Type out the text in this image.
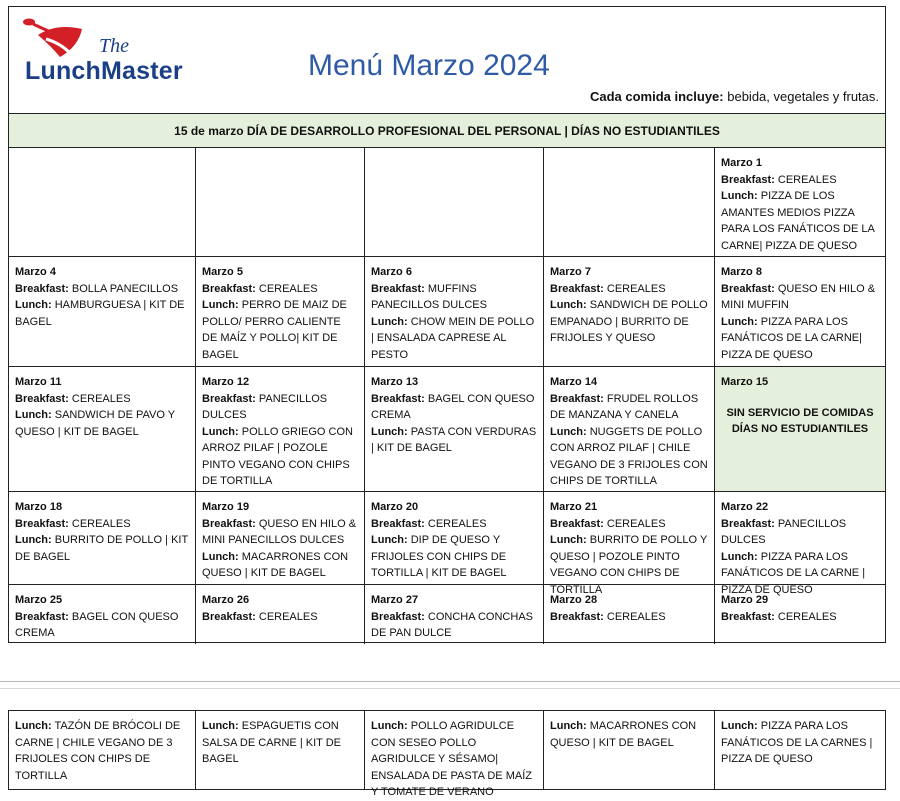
The
LunchMaster	Menú Marzo 2024
Cada comida incluye: bebida, vegetales y frutas.
15 de marzo DÍA DE DESARROLLO PROFESIONAL DEL PERSONAL | DÍAS NO ESTUDIANTILES
Marzo 1
Breakfast: CEREALES
Lunch: PIZZA DE LOS AMANTES MEDIOS PIZZA PARA LOS FANÁTICOS DE LA CARNE| PIZZA DE QUESO
Marzo 4
Breakfast: BOLLA PANECILLOS
Lunch: HAMBURGUESA | KIT DE BAGEL
Marzo 5
Breakfast: CEREALES
Lunch: PERRO DE MAIZ DE POLLO/ PERRO CALIENTE DE MAÍZ Y POLLO| KIT DE BAGEL
Marzo 6
Breakfast: MUFFINS PANECILLOS DULCES
Lunch: CHOW MEIN DE POLLO | ENSALADA CAPRESE AL PESTO
Marzo 7
Breakfast: CEREALES
Lunch: SANDWICH DE POLLO EMPANADO | BURRITO DE FRIJOLES Y QUESO
Marzo 8
Breakfast: QUESO EN HILO & MINI MUFFIN
Lunch: PIZZA PARA LOS FANÁTICOS DE LA CARNE| PIZZA DE QUESO
Marzo 11
Breakfast: CEREALES
Lunch: SANDWICH DE PAVO Y QUESO | KIT DE BAGEL
Marzo 12
Breakfast: PANECILLOS DULCES
Lunch: POLLO GRIEGO CON ARROZ PILAF | POZOLE PINTO VEGANO CON CHIPS DE TORTILLA
Marzo 13
Breakfast: BAGEL CON QUESO CREMA
Lunch: PASTA CON VERDURAS | KIT DE BAGEL
Marzo 14
Breakfast: FRUDEL ROLLOS DE MANZANA Y CANELA
Lunch: NUGGETS DE POLLO CON ARROZ PILAF | CHILE VEGANO DE 3 FRIJOLES CON CHIPS DE TORTILLA
Marzo 15
SIN SERVICIO DE COMIDAS DÍAS NO ESTUDIANTILES
Marzo 18
Breakfast: CEREALES
Lunch: BURRITO DE POLLO | KIT DE BAGEL
Marzo 19
Breakfast: QUESO EN HILO & MINI PANECILLOS DULCES
Lunch: MACARRONES CON QUESO | KIT DE BAGEL
Marzo 20
Breakfast: CEREALES
Lunch: DIP DE QUESO Y FRIJOLES CON CHIPS DE TORTILLA | KIT DE BAGEL
Marzo 21
Breakfast: CEREALES
Lunch: BURRITO DE POLLO Y QUESO | POZOLE PINTO VEGANO CON CHIPS DE TORTILLA
Marzo 22
Breakfast: PANECILLOS DULCES
Lunch: PIZZA PARA LOS FANÁTICOS DE LA CARNE | PIZZA DE QUESO
Marzo 25
Breakfast: BAGEL CON QUESO CREMA

Marzo 26
Breakfast: CEREALES

Marzo 27
Breakfast: CONCHA CONCHAS DE PAN DULCE

Marzo 28
Breakfast: CEREALES

Marzo 29
Breakfast: CEREALES

Lunch: TAZÓN DE BRÓCOLI DE CARNE | CHILE VEGANO DE 3 FRIJOLES CON CHIPS DE TORTILLA
Lunch: ESPAGUETIS CON SALSA DE CARNE | KIT DE BAGEL
Lunch: POLLO AGRIDULCE CON SESEO POLLO AGRIDULCE Y SÉSAMO| ENSALADA DE PASTA DE MAÍZ Y TOMATE DE VERANO
Lunch: MACARRONES CON QUESO | KIT DE BAGEL
Lunch: PIZZA PARA LOS FANÁTICOS DE LA CARNES | PIZZA DE QUESO
